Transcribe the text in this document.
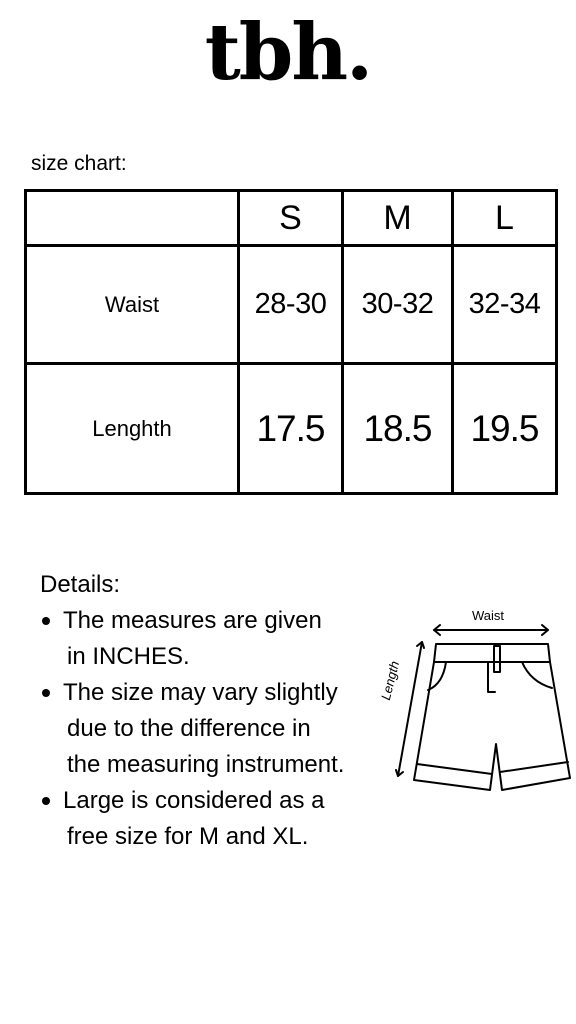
tbh.
size chart:
	S	M	L
Waist	28-30	30-32	32-34
Lenghth	17.5	18.5	19.5
Details:
The measures are given
in INCHES.
The size may vary slightly
due to the difference in
the measuring instrument.
Large is considered as a
free size for M and XL.
Waist
Length
